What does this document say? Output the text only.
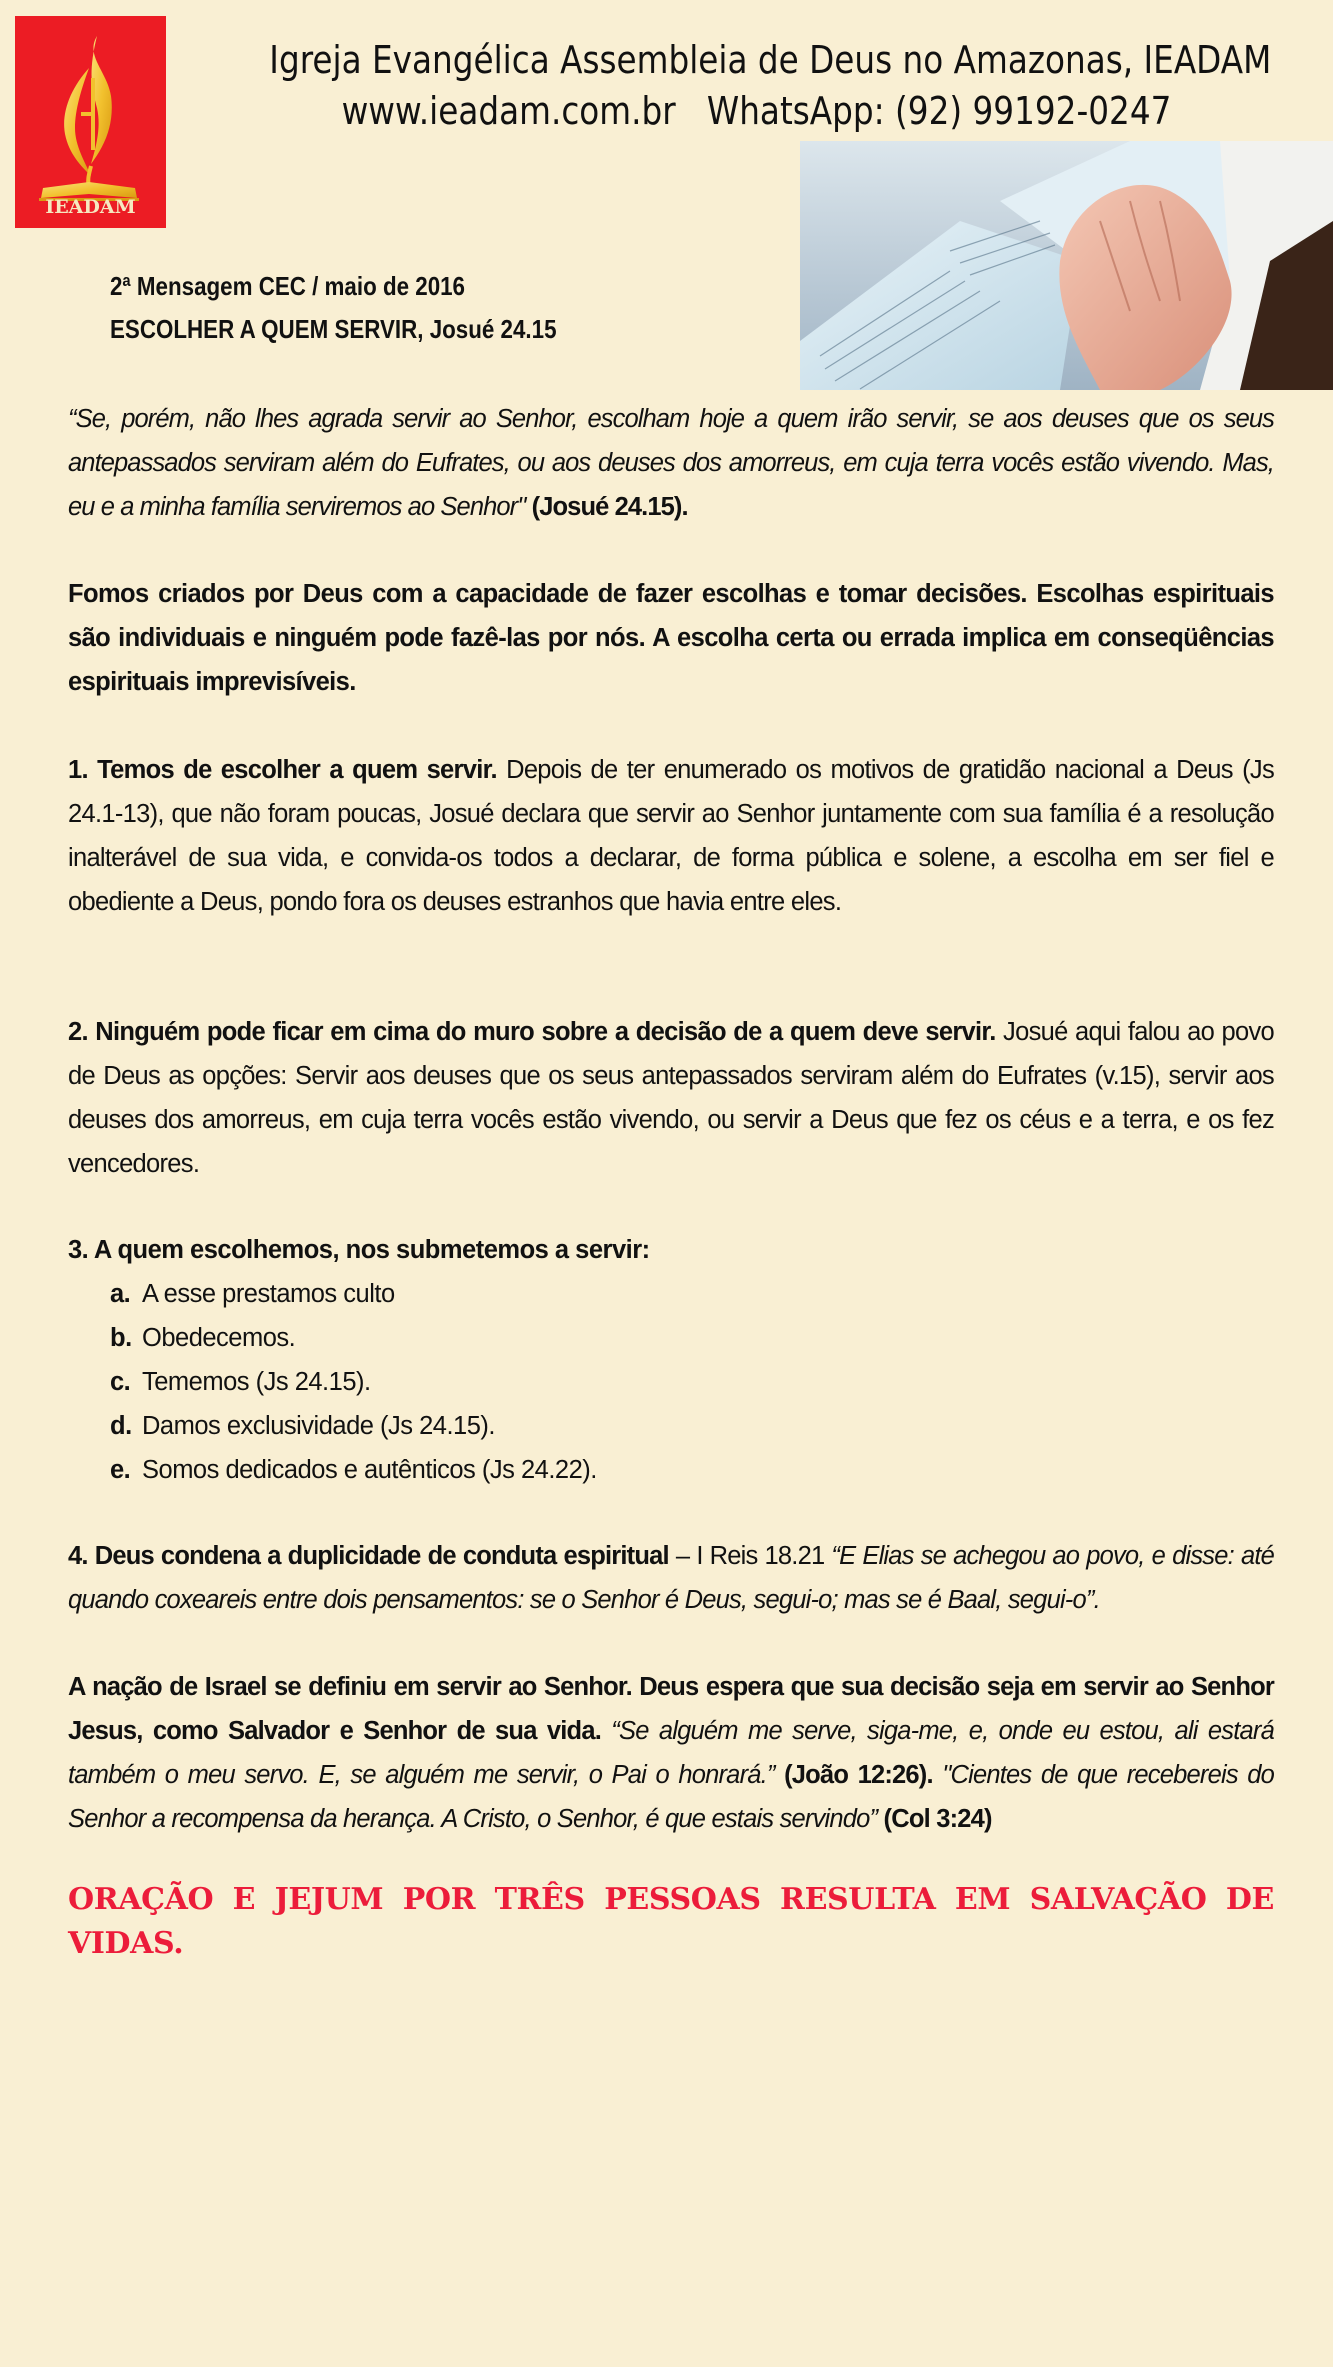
IEADAM
Igreja Evangélica Assembleia de Deus no Amazonas, IEADAM
www.ieadam.com.br WhatsApp: (92) 99192-0247
2ª Mensagem CEC / maio de 2016
ESCOLHER A QUEM SERVIR, Josué 24.15

“Se, porém, não lhes agrada servir ao Senhor, escolham hoje a quem irão servir, se aos deuses que os seus antepassados serviram além do Eufrates, ou aos deuses dos amorreus, em cuja terra vocês estão vivendo. Mas, eu e a minha família serviremos ao Senhor" (Josué 24.15).

Fomos criados por Deus com a capacidade de fazer escolhas e tomar decisões. Escolhas espirituais são individuais e ninguém pode fazê-las por nós. A escolha certa ou errada implica em conseqüências espirituais imprevisíveis.

1. Temos de escolher a quem servir. Depois de ter enumerado os motivos de gratidão nacional a Deus (Js 24.1-13), que não foram poucas, Josué declara que servir ao Senhor juntamente com sua família é a resolução inalterável de sua vida, e convida-os todos a declarar, de forma pública e solene, a escolha em ser fiel e obediente a Deus, pondo fora os deuses estranhos que havia entre eles.

2. Ninguém pode ficar em cima do muro sobre a decisão de a quem deve servir. Josué aqui falou ao povo de Deus as opções: Servir aos deuses que os seus antepassados serviram além do Eufrates (v.15), servir aos deuses dos amorreus, em cuja terra vocês estão vivendo, ou servir a Deus que fez os céus e a terra, e os fez vencedores.

3. A quem escolhemos, nos submetemos a servir:

a. A esse prestamos culto
b. Obedecemos.
c. Tememos (Js 24.15).
d. Damos exclusividade (Js 24.15).
e. Somos dedicados e autênticos (Js 24.22).

4. Deus condena a duplicidade de conduta espiritual – I Reis 18.21 “E Elias se achegou ao povo, e disse: até quando coxeareis entre dois pensamentos: se o Senhor é Deus, segui-o; mas se é Baal, segui-o”.

A nação de Israel se definiu em servir ao Senhor. Deus espera que sua decisão seja em servir ao Senhor Jesus, como Salvador e Senhor de sua vida. “Se alguém me serve, siga-me, e, onde eu estou, ali estará também o meu servo. E, se alguém me servir, o Pai o honrará.” (João 12:26). "Cientes de que recebereis do Senhor a recompensa da herança. A Cristo, o Senhor, é que estais servindo” (Col 3:24)

ORAÇÃO E JEJUM POR TRÊS PESSOAS RESULTA EM SALVAÇÃO DE VIDAS.
